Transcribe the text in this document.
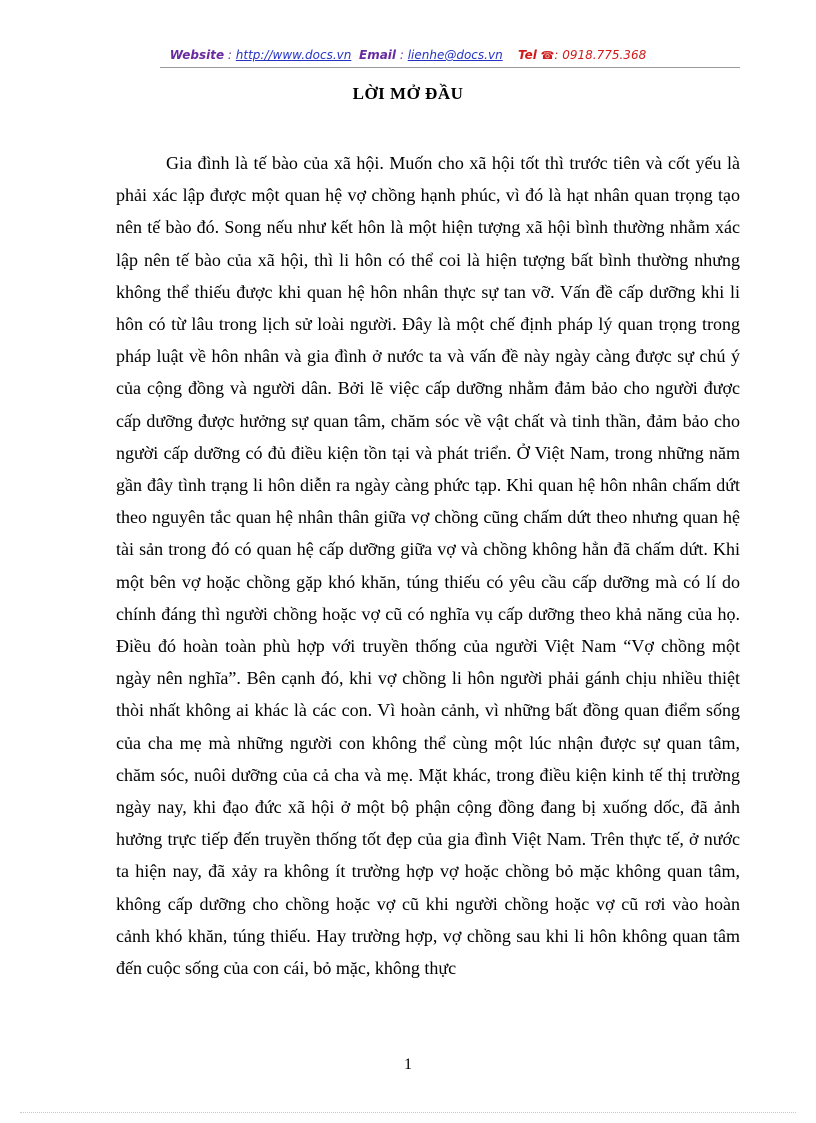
Website : http://www.docs.vn Email : lienhe@docs.vn Tel ☎: 0918.775.368
LỜI MỞ ĐẦU

Gia đình là tế bào của xã hội. Muốn cho xã hội tốt thì trước tiên và cốt yếu là phải xác lập được một quan hệ vợ chồng hạnh phúc, vì đó là hạt nhân quan trọng tạo nên tế bào đó. Song nếu như kết hôn là một hiện tượng xã hội bình thường nhằm xác lập nên tế bào của xã hội, thì li hôn có thể coi là hiện tượng bất bình thường nhưng không thể thiếu được khi quan hệ hôn nhân thực sự tan vỡ. Vấn đề cấp dưỡng khi li hôn có từ lâu trong lịch sử loài người. Đây là một chế định pháp lý quan trọng trong pháp luật về hôn nhân và gia đình ở nước ta và vấn đề này ngày càng được sự chú ý của cộng đồng và người dân. Bởi lẽ việc cấp dưỡng nhằm đảm bảo cho người được cấp dưỡng được hưởng sự quan tâm, chăm sóc về vật chất và tinh thần, đảm bảo cho người cấp dưỡng có đủ điều kiện tồn tại và phát triển. Ở Việt Nam, trong những năm gần đây tình trạng li hôn diễn ra ngày càng phức tạp. Khi quan hệ hôn nhân chấm dứt theo nguyên tắc quan hệ nhân thân giữa vợ chồng cũng chấm dứt theo nhưng quan hệ tài sản trong đó có quan hệ cấp dưỡng giữa vợ và chồng không hẳn đã chấm dứt. Khi một bên vợ hoặc chồng gặp khó khăn, túng thiếu có yêu cầu cấp dưỡng mà có lí do chính đáng thì người chồng hoặc vợ cũ có nghĩa vụ cấp dưỡng theo khả năng của họ. Điều đó hoàn toàn phù hợp với truyền thống của người Việt Nam “Vợ chồng một ngày nên nghĩa”. Bên cạnh đó, khi vợ chồng li hôn người phải gánh chịu nhiều thiệt thòi nhất không ai khác là các con. Vì hoàn cảnh, vì những bất đồng quan điểm sống của cha mẹ mà những người con không thể cùng một lúc nhận được sự quan tâm, chăm sóc, nuôi dưỡng của cả cha và mẹ. Mặt khác, trong điều kiện kinh tế thị trường ngày nay, khi đạo đức xã hội ở một bộ phận cộng đồng đang bị xuống dốc, đã ảnh hưởng trực tiếp đến truyền thống tốt đẹp của gia đình Việt Nam. Trên thực tế, ở nước ta hiện nay, đã xảy ra không ít trường hợp vợ hoặc chồng bỏ mặc không quan tâm, không cấp dưỡng cho chồng hoặc vợ cũ khi người chồng hoặc vợ cũ rơi vào hoàn cảnh khó khăn, túng thiếu. Hay trường hợp, vợ chồng sau khi li hôn không quan tâm đến cuộc sống của con cái, bỏ mặc, không thực

1
